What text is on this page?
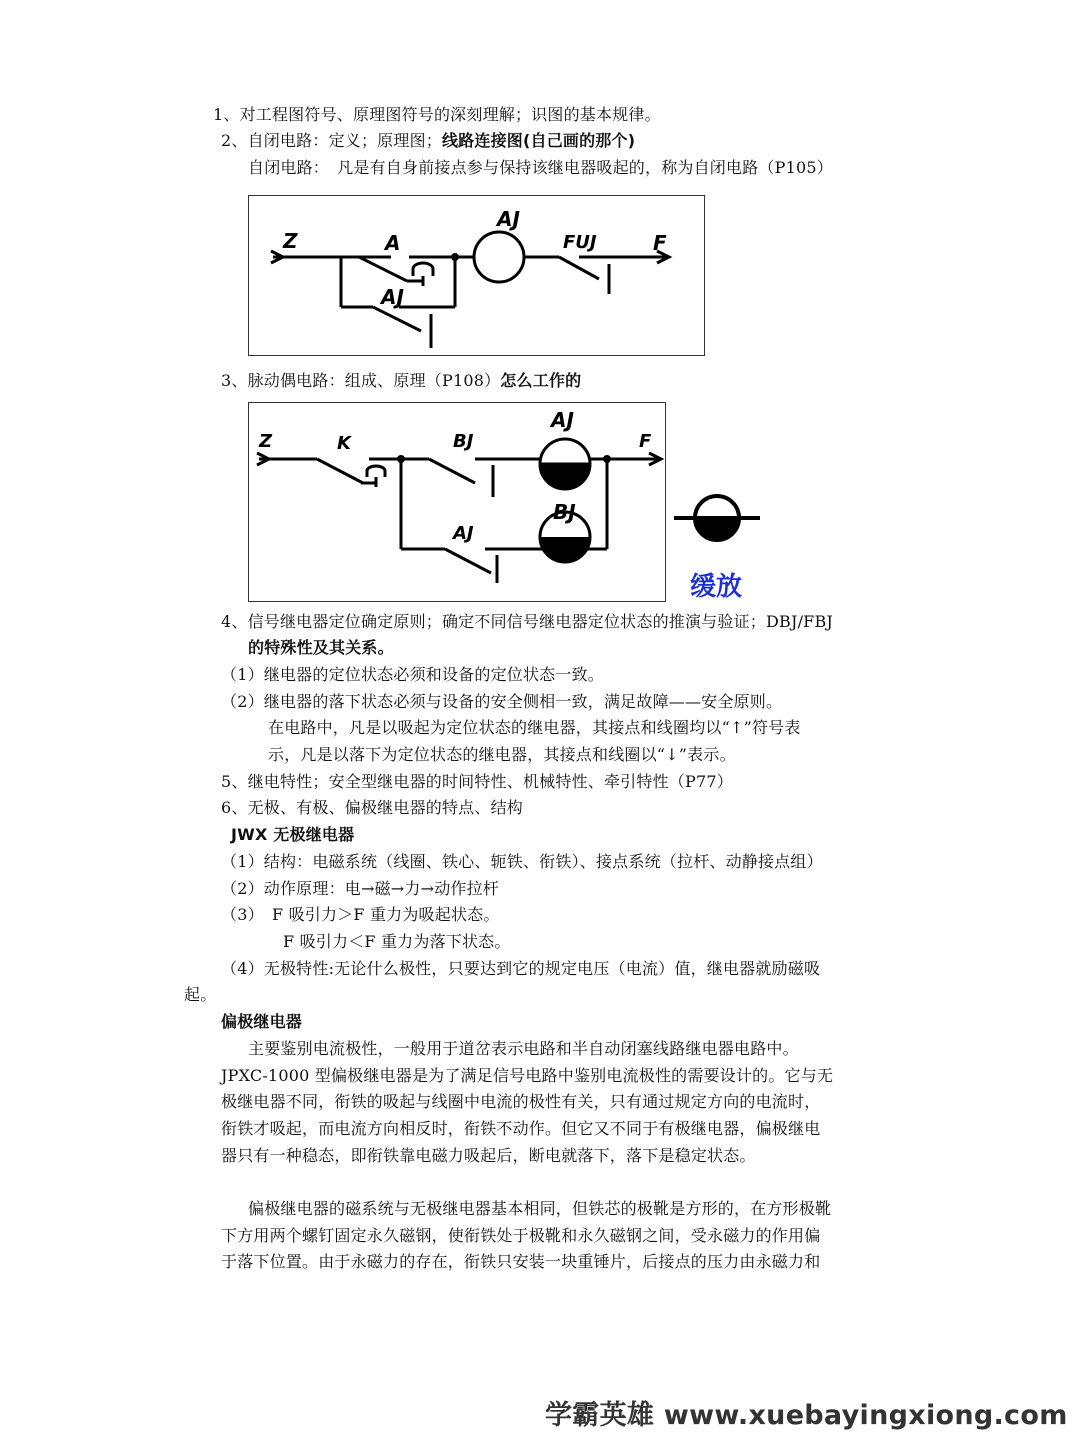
1、对工程图符号、原理图符号的深刻理解；识图的基本规律。
2、自闭电路：定义；原理图；线路连接图(自己画的那个)
自闭电路：　凡是有自身前接点参与保持该继电器吸起的，称为自闭电路（P105）
Z	A
AJ
FUJ	F
AJ
3、脉动偶电路：组成、原理（P108）怎么工作的
Z	K	BJ
AJ
F
AJ
BJ
缓放
4、信号继电器定位确定原则；确定不同信号继电器定位状态的推演与验证；DBJ/FBJ
的特殊性及其关系。
（1）继电器的定位状态必须和设备的定位状态一致。
（2）继电器的落下状态必须与设备的安全侧相一致，满足故障——安全原则。
在电路中，凡是以吸起为定位状态的继电器，其接点和线圈均以“↑”符号表
示，凡是以落下为定位状态的继电器，其接点和线圈以“↓”表示。
5、继电特性；安全型继电器的时间特性、机械特性、牵引特性（P77）
6、无极、有极、偏极继电器的特点、结构
JWX 无极继电器
（1）结构：电磁系统（线圈、铁心、轭铁、衔铁）、接点系统（拉杆、动静接点组）
（2）动作原理：电→磁→力→动作拉杆
（3）　F 吸引力＞F 重力为吸起状态。
F 吸引力＜F 重力为落下状态。
（4）无极特性:无论什么极性，只要达到它的规定电压（电流）值，继电器就励磁吸
起。
偏极继电器
主要鉴别电流极性，一般用于道岔表示电路和半自动闭塞线路继电器电路中。
JPXC-1000 型偏极继电器是为了满足信号电路中鉴别电流极性的需要设计的。它与无
极继电器不同，衔铁的吸起与线圈中电流的极性有关，只有通过规定方向的电流时，
衔铁才吸起，而电流方向相反时，衔铁不动作。但它又不同于有极继电器，偏极继电
器只有一种稳态，即衔铁靠电磁力吸起后，断电就落下，落下是稳定状态。
偏极继电器的磁系统与无极继电器基本相同，但铁芯的极靴是方形的，在方形极靴
下方用两个螺钉固定永久磁钢，使衔铁处于极靴和永久磁钢之间，受永磁力的作用偏
于落下位置。由于永磁力的存在，衔铁只安装一块重锤片，后接点的压力由永磁力和
学霸英雄 www.xuebayingxiong.com
